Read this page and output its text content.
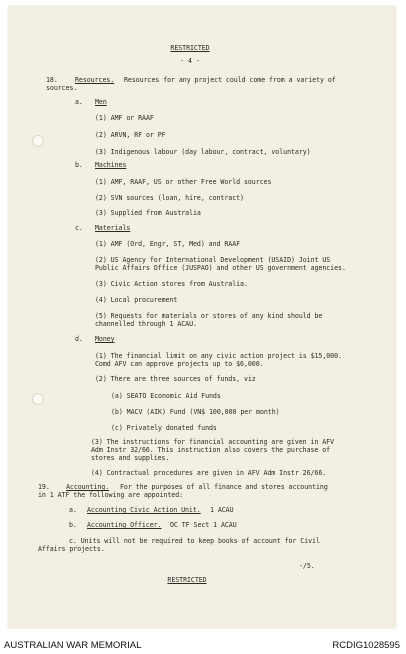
RESTRICTED
- 4 -
18.	Resources. Resources for any project could come from a variety of
sources.
a. Men
(1) AMF or RAAF
(2) ARVN, RF or PF
(3) Indigenous labour (day labour, contract, voluntary)
b. Machines
(1) AMF, RAAF, US or other Free World sources
(2) SVN sources (loan, hire, contract)
(3) Supplied from Australia
c. Materials
(1) AMF (Ord, Engr, ST, Med) and RAAF
(2) US Agency for International Development (USAID) Joint US
Public Affairs Office (JUSPAO) and other US government agencies.
(3) Civic Action stores from Australia.
(4) Local procurement
(5) Requests for materials or stores of any kind should be
channelled through 1 ACAU.
d. Money
(1) The financial limit on any civic action project is $15,000.
Comd AFV can approve projects up to $6,000.
(2) There are three sources of funds, viz
(a) SEATO Economic Aid Funds
(b) MACV (AIK) Fund (VN$ 100,000 per month)
(c) Privately donated funds
(3) The instructions for financial accounting are given in AFV
Adm Instr 32/66. This instruction also covers the purchase of
stores and supplies.
(4) Contractual procedures are given in AFV Adm Instr 26/66.
19. Accounting. For the purposes of all finance and stores accounting
in 1 ATF the following are appointed:
a. Accounting Civic Action Unit. 1 ACAU
b. Accounting Officer. OC TF Sect 1 ACAU
c. Units will not be required to keep books of account for Civil
Affairs projects.
-/5.
RESTRICTED
AUSTRALIAN WAR MEMORIAL	RCDIG1028595
